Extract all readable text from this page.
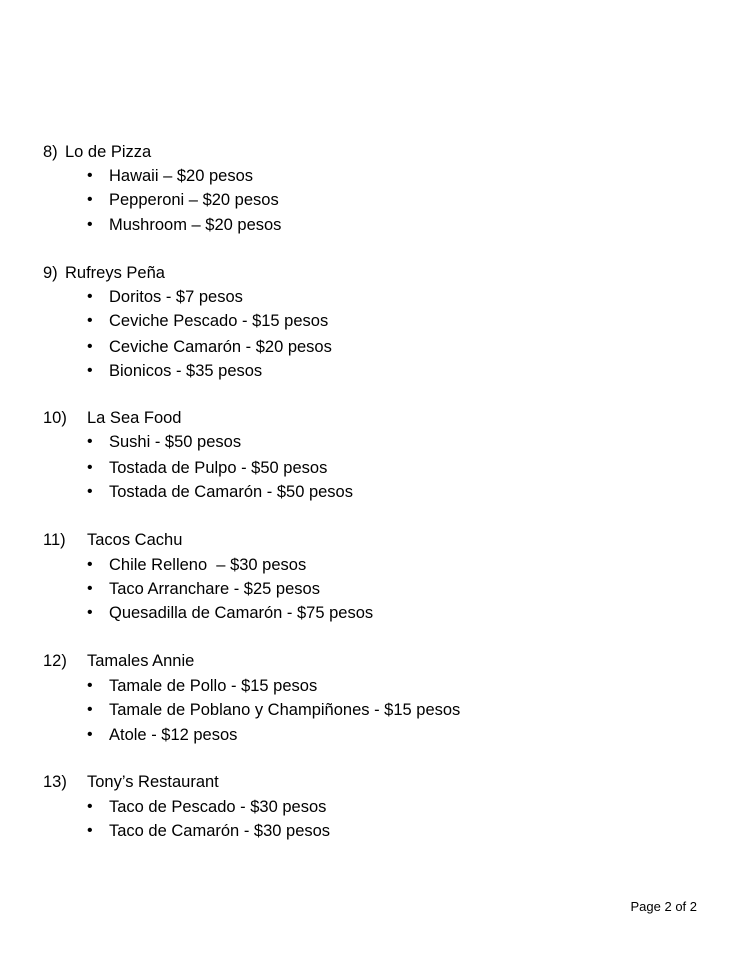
8) Lo de Pizza
• Hawaii – $20 pesos
• Pepperoni – $20 pesos
• Mushroom – $20 pesos
9) Rufreys Peña
• Doritos - $7 pesos
• Ceviche Pescado - $15 pesos
• Ceviche Camarón - $20 pesos
• Bionicos - $35 pesos
10) La Sea Food
• Sushi - $50 pesos
• Tostada de Pulpo - $50 pesos
• Tostada de Camarón - $50 pesos
11) Tacos Cachu
• Chile Relleno  – $30 pesos
• Taco Arranchare - $25 pesos
• Quesadilla de Camarón - $75 pesos
12) Tamales Annie
• Tamale de Pollo - $15 pesos
• Tamale de Poblano y Champiñones - $15 pesos
• Atole - $12 pesos
13) Tony’s Restaurant
• Taco de Pescado - $30 pesos
• Taco de Camarón - $30 pesos
Page 2 of 2
